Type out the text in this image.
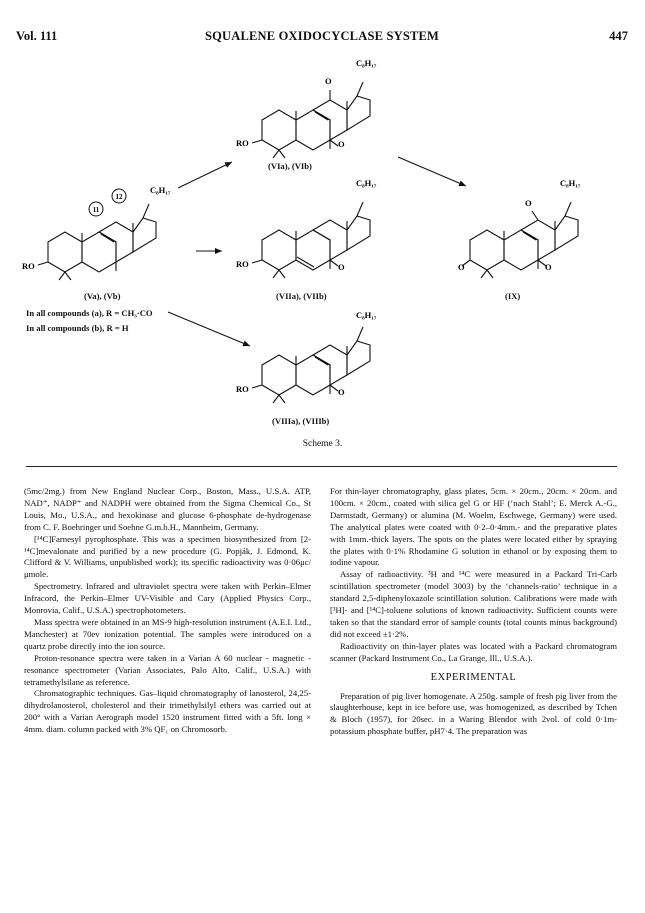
Vol. 111	SQUALENE OXIDOCYCLASE SYSTEM	447
11
12
C₈H₁₇
RO
C₈H₁₇
O
O
RO
C₈H₁₇
O
RO
C₈H₁₇
O
RO
C₈H₁₇
O
O
O
(Va), (Vb)
(VIa), (VIb)
(VIIa), (VIIb)
(VIIIa), (VIIIb)
(IX)
In all compounds (a), R = CH₃·CO
In all compounds (b), R = H
Scheme 3.

(5mc/2mg.) from New England Nuclear Corp., Boston, Mass., U.S.A. ATP, NAD⁺, NADP⁺ and NADPH were obtained from the Sigma Chemical Co., St Louis, Mo., U.S.A., and hexokinase and glucose 6-phosphate de-hydrogenase from C. F. Boehringer und Soehne G.m.b.H., Mannheim, Germany.

[¹⁴C]Farnesyl pyrophosphate. This was a specimen biosynthesized from [2-¹⁴C]mevalonate and purified by a new procedure (G. Popják, J. Edmond, K. Clifford & V. Williams, unpublished work); its specific radioactivity was 0·06μc/μmole.

Spectrometry. Infrared and ultraviolet spectra were taken with Perkin–Elmer Infracord, the Perkin–Elmer UV-Visible and Cary (Applied Physics Corp., Monrovia, Calif., U.S.A.) spectrophotometers.

Mass spectra were obtained in an MS-9 high-resolution instrument (A.E.I. Ltd., Manchester) at 70ev ionization potential. The samples were introduced on a quartz probe directly into the ion source.

Proton-resonance spectra were taken in a Varian A 60 nuclear - magnetic - resonance spectrometer (Varian Associates, Palo Alto, Calif., U.S.A.) with tetramethylsilane as reference.

Chromatographic techniques. Gas–liquid chromatography of lanosterol, 24,25-dihydrolanosterol, cholesterol and their trimethylsilyl ethers was carried out at 200° with a Varian Aerograph model 1520 instrument fitted with a 5ft. long × 4mm. diam. column packed with 3% QF₁ on Chromosorb.

For thin-layer chromatography, glass plates, 5cm. × 20cm., 20cm. × 20cm. and 100cm. × 20cm., coated with silica gel G or HF (‘nach Stahl’; E. Merck A.-G., Darmstadt, Germany) or alumina (M. Woelm, Eschwege, Germany) were used. The analytical plates were coated with 0·2–0·4mm.- and the preparative plates with 1mm.-thick layers. The spots on the plates were located either by spraying the plates with 0·1% Rhodamine G solution in ethanol or by exposing them to iodine vapour.

Assay of radioactivity. ³H and ¹⁴C were measured in a Packard Tri-Carb scintillation spectrometer (model 3003) by the ‘channels-ratio’ technique in a standard 2,5-diphenyloxazole scintillation solution. Calibrations were made with [³H]- and [¹⁴C]-toluene solutions of known radioactivity. Sufficient counts were taken so that the standard error of sample counts (total counts minus background) did not exceed ±1·2%.

Radioactivity on thin-layer plates was located with a Packard chromatogram scanner (Packard Instrument Co., La Grange, Ill., U.S.A.).

EXPERIMENTAL

Preparation of pig liver homogenate. A 250g. sample of fresh pig liver from the slaughterhouse, kept in ice before use, was homogenized, as described by Tchen & Bloch (1957), for 20sec. in a Waring Blendor with 2vol. of cold 0·1m-potassium phosphate buffer, pH7·4. The preparation was
